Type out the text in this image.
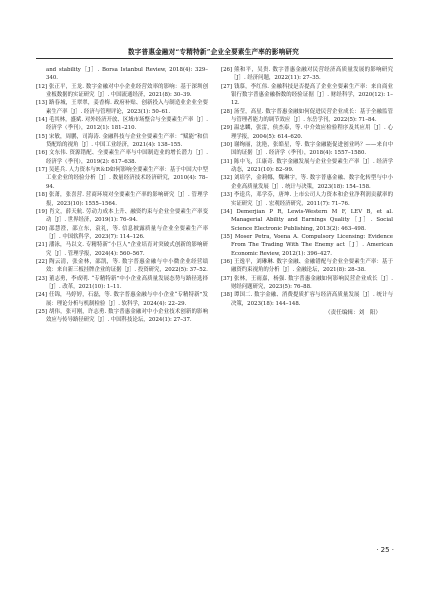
数字普惠金融对“专精特新”企业全要素生产率的影响研究
and stability［J］. Borsa Istanbul Review, 2018(4): 329–340.
[12] 张正平，王龙. 数字金融对中小企业经营效率的影响：基于深圳创业板数据的实证研究［J］. 中国流通经济，2021(8): 30–39.
[13] 路春城，王翠翠，姜香梅. 政府补贴、创新投入与制造业企业全要素生产率［J］. 经济与管理评论，2023(1): 50–61.
[14] 毛其林，盛斌. 对外经济开放、区域市场整合与全要素生产率［J］. 经济学（季刊），2012(1): 181–210.
[15] 宋敏，周鹏，司海涛. 金融科技与企业全要素生产率：“赋能”和信贷配给的视角［J］. 中国工业经济，2021(4): 138–155.
[16] 文东伟. 资源错配、全要素生产率与中国制造业的增长潜力［J］. 经济学（季刊），2019(2): 617–638.
[17] 吴延兵. 人力资本与R＆D如何影响全要素生产率：基于中国大中型工业企业的经验分析［J］. 数量经济技术经济研究，2010(4): 78–94.
[18] 张萧，张喜营. 营商环境对全要素生产率的影响研究［J］. 管理学报，2023(10): 1555–1564.
[19] 肖文，薛天航. 劳动力成本上升、融资约束与企业全要素生产率变动［J］. 世界经济，2019(1): 76–94.
[20] 邵慧澄，邵立东，袁礼，等. 信息披露质量与企业全要素生产率［J］. 中国软科学，2023(7): 114–126.
[21] 潘泳，马以文. 专精特新“小巨人”企业培育对突破式创新的影响研究［J］. 管理学报，2024(4): 560–567.
[22] 陶云清，张金林，邵凯，等. 数字普惠金融与中小微企业经营绩效：来自新三板挂牌企业的证据［J］. 投资研究，2022(5): 37–52.
[23] 董志勇，李成明. “专精特新”中小企业高质量发展态势与路径选择［J］. 改革，2021(10): 1–11.
[24] 任锦，马婷婷，石磊，等. 数字普惠金融与中小企业“专精特新”发展：理论分析与机制检验［J］. 软科学，2024(4): 22–29.
[25] 胡伟，张可刚，许志勇. 数字普惠金融对中小企业技术创新的影响效应与传导路径研究［J］. 中国科技论坛，2024(1): 27–37.
[26] 熊和平，吴贵. 数字普惠金融对民营经济高质量发展的影响研究［J］. 经济问题，2022(11): 27–35.
[27] 钱慕，李红伟. 金融科技是否提高了企业全要素生产率：来自商业银行数字普惠金融指数的经验证据［J］. 财经科学，2020(12): 1–12.
[28] 汤莹，高星. 数字普惠金融如何促进民营企业成长：基于全融监管与管理者能力的调节效应［J］. 东岳学刊，2022(5): 71–84.
[29] 温忠麟，张雷，侯杰泰，等. 中介效应检验程序及其应用［J］. 心理学报，2004(5): 614–620.
[30] 谢绚丽，沈艳，张皓星，等. 数字金融能促进创业吗？——来自中国的证据［J］. 经济学（季刊），2018(4): 1557–1580.
[31] 陈中飞，江康奇. 数字金融发展与企业全要素生产率［J］. 经济学动态，2021(10): 82–99.
[32] 刘培学，金莉娜，魏琳宇，等. 数字普惠金融、数字化转型与中小企业高质量发展［J］. 统计与决策，2023(18): 154–158.
[33] 李逵兵，邓学芬，唐坤. 上市公司人力资本和企业净利润贡献率的实证研究［J］. 宏观经济研究，2011(7): 71–76.
[34] Demerjian P R, Lewis-Western M F, LEV B, et al. Managerial Ability and Earnings Quality［J］. Social Science Electronic Publishing, 2013(2): 463–498.
[35] Moser Petra, Voena A. Compulsory Licensing: Evidence From The Trading With The Enemy act［J］. American Economic Review, 2012(1): 396–427.
[36] 王逸平，刘琳琳. 数字金融、金融错配与企业全要素生产率：基于融资约束视角的分析［J］. 金融论坛，2021(8): 28–38.
[37] 张林，王雨嘉，杨强. 数字普惠金融如何影响民营企业成长［J］. 财经问题研究，2023(5): 76–88.
[38] 谭国二. 数字金融、消费提质扩容与经济高质量发展［J］. 统计与决策，2023(18): 144–148.
（责任编辑：刘　阳）
· 25 ·
